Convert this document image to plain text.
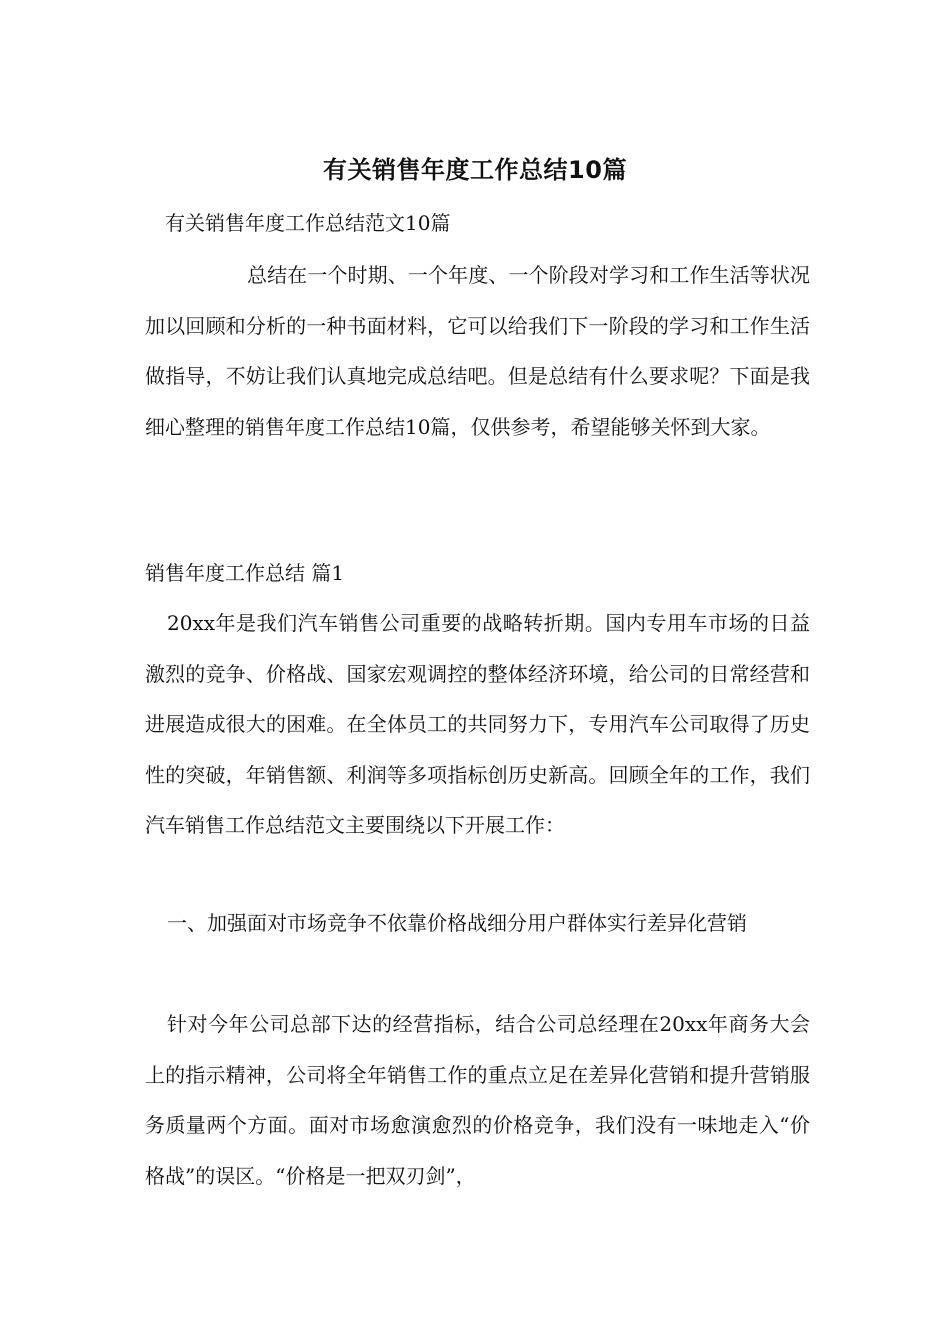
有关销售年度工作总结10篇
有关销售年度工作总结范文10篇

总结在一个时期、一个年度、一个阶段对学习和工作生活等状况加以回顾和分析的一种书面材料，它可以给我们下一阶段的学习和工作生活做指导，不妨让我们认真地完成总结吧。但是总结有什么要求呢？下面是我细心整理的销售年度工作总结10篇，仅供参考，希望能够关怀到大家。

销售年度工作总结 篇1

20xx年是我们汽车销售公司重要的战略转折期。国内专用车市场的日益激烈的竞争、价格战、国家宏观调控的整体经济环境，给公司的日常经营和进展造成很大的困难。在全体员工的共同努力下，专用汽车公司取得了历史性的突破，年销售额、利润等多项指标创历史新高。回顾全年的工作，我们汽车销售工作总结范文主要围绕以下开展工作：

一、加强面对市场竞争不依靠价格战细分用户群体实行差异化营销

针对今年公司总部下达的经营指标，结合公司总经理在20xx年商务大会上的指示精神，公司将全年销售工作的重点立足在差异化营销和提升营销服务质量两个方面。面对市场愈演愈烈的价格竞争，我们没有一味地走入“价格战”的误区。“价格是一把双刃剑”，
